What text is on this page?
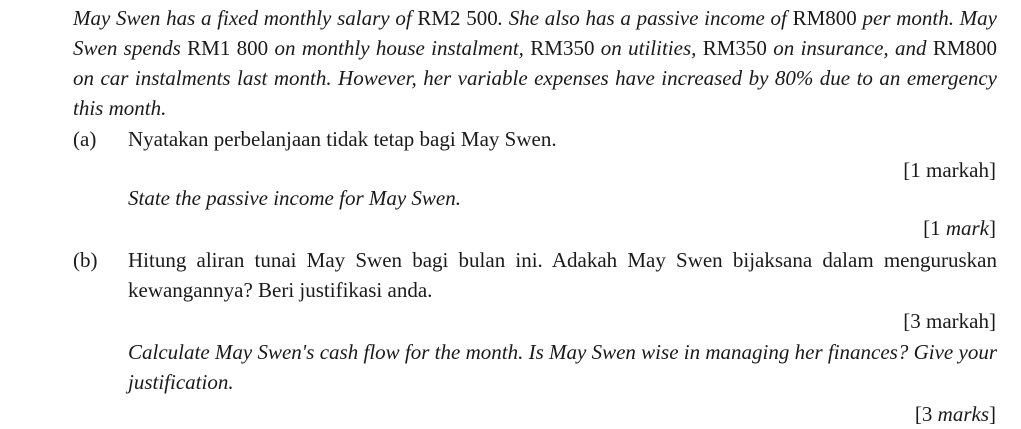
May Swen has a fixed monthly salary of RM2 500. She also has a passive income of RM800 per month. May Swen spends RM1 800 on monthly house instalment, RM350 on utilities, RM350 on insurance, and RM800 on car instalments last month. However, her variable expenses have increased by 80% due to an emergency this month.

(a) Nyatakan perbelanjaan tidak tetap bagi May Swen.
[1 markah]
State the passive income for May Swen.
[1 mark]
(b) Hitung aliran tunai May Swen bagi bulan ini. Adakah May Swen bijaksana dalam menguruskan kewangannya? Beri justifikasi anda.
[3 markah]
Calculate May Swen's cash flow for the month. Is May Swen wise in managing her finances? Give your justification.
[3 marks]
